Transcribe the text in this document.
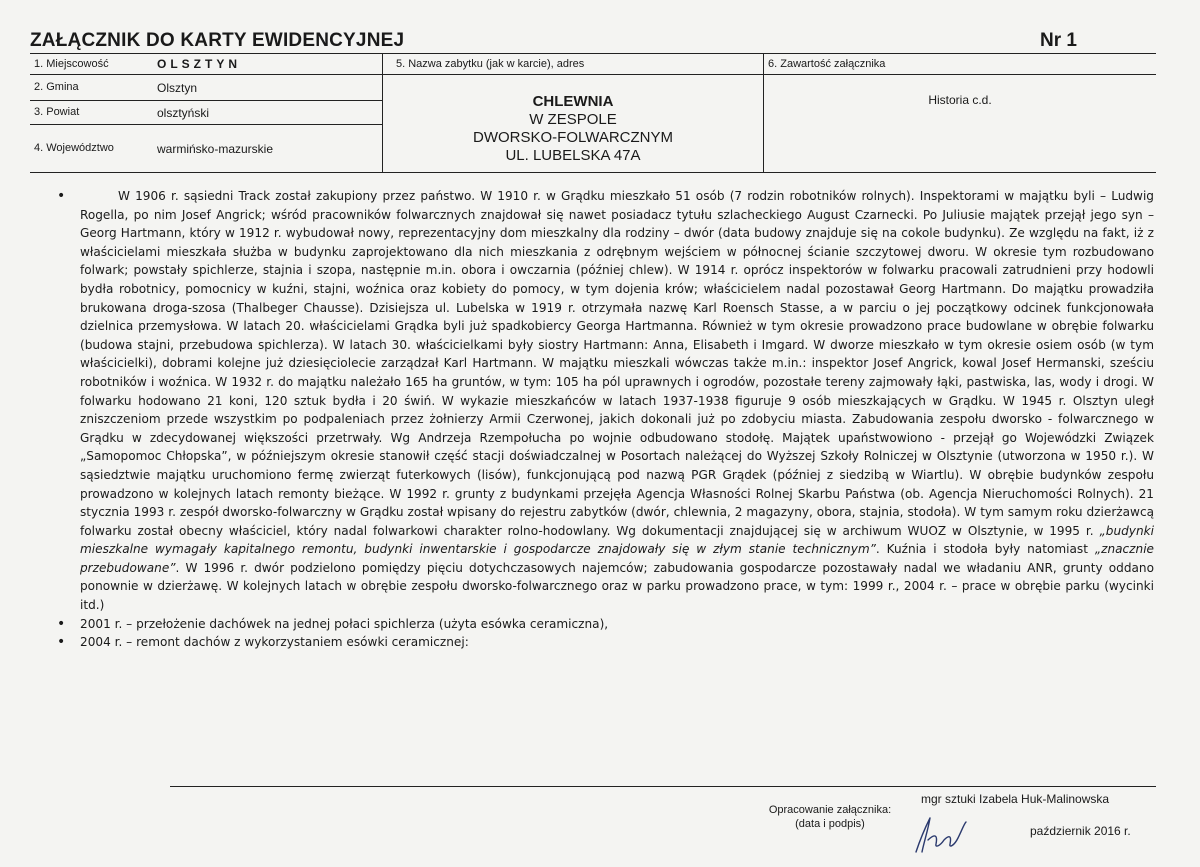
ZAŁĄCZNIK DO KARTY EWIDENCYJNEJ	Nr 1
1. Miejscowość	OLSZTYN
2. Gmina	Olsztyn
3. Powiat	olsztyński
4. Województwo	warmińsko-mazurskie
5. Nazwa zabytku (jak w karcie), adres
CHLEWNIA
W ZESPOLE
DWORSKO-FOLWARCZNYM
UL. LUBELSKA 47A
6. Zawartość załącznika
Historia c.d.

•	W 1906 r. sąsiedni Track został zakupiony przez państwo. W 1910 r. w Grądku mieszkało 51 osób (7 rodzin robotników rolnych). Inspektorami w majątku byli – Ludwig Rogella, po nim Josef Angrick; wśród pracowników folwarcznych znajdował się nawet posiadacz tytułu szlacheckiego August Czarnecki. Po Juliusie majątek przejął jego syn – Georg Hartmann, który w 1912 r. wybudował nowy, reprezentacyjny dom mieszkalny dla rodziny – dwór (data budowy znajduje się na cokole budynku). Ze względu na fakt, iż z właścicielami mieszkała służba w budynku zaprojektowano dla nich mieszkania z odrębnym wejściem w północnej ścianie szczytowej dworu. W okresie tym rozbudowano folwark; powstały spichlerze, stajnia i szopa, następnie m.in. obora i owczarnia (później chlew). W 1914 r. oprócz inspektorów w folwarku pracowali zatrudnieni przy hodowli bydła robotnicy, pomocnicy w kuźni, stajni, woźnica oraz kobiety do pomocy, w tym dojenia krów; właścicielem nadal pozostawał Georg Hartmann. Do majątku prowadziła brukowana droga-szosa (Thalbeger Chausse). Dzisiejsza ul. Lubelska w 1919 r. otrzymała nazwę Karl Roensch Stasse, a w parciu o jej początkowy odcinek funkcjonowała dzielnica przemysłowa. W latach 20. właścicielami Grądka byli już spadkobiercy Georga Hartmanna. Również w tym okresie prowadzono prace budowlane w obrębie folwarku (budowa stajni, przebudowa spichlerza). W latach 30. właścicielkami były siostry Hartmann: Anna, Elisabeth i Imgard. W dworze mieszkało w tym okresie osiem osób (w tym właścicielki), dobrami kolejne już dziesięciolecie zarządzał Karl Hartmann. W majątku mieszkali wówczas także m.in.: inspektor Josef Angrick, kowal Josef Hermanski, sześciu robotników i woźnica. W 1932 r. do majątku należało 165 ha gruntów, w tym: 105 ha pól uprawnych i ogrodów, pozostałe tereny zajmowały łąki, pastwiska, las, wody i drogi. W folwarku hodowano 21 koni, 120 sztuk bydła i 20 świń. W wykazie mieszkańców w latach 1937-1938 figuruje 9 osób mieszkających w Grądku. W 1945 r. Olsztyn uległ zniszczeniom przede wszystkim po podpaleniach przez żołnierzy Armii Czerwonej, jakich dokonali już po zdobyciu miasta. Zabudowania zespołu dworsko - folwarcznego w Grądku w zdecydowanej większości przetrwały. Wg Andrzeja Rzempołucha po wojnie odbudowano stodołę. Majątek upaństwowiono - przejął go Wojewódzki Związek „Samopomoc Chłopska”, w późniejszym okresie stanowił część stacji doświadczalnej w Posortach należącej do Wyższej Szkoły Rolniczej w Olsztynie (utworzona w 1950 r.). W sąsiedztwie majątku uruchomiono fermę zwierząt futerkowych (lisów), funkcjonującą pod nazwą PGR Grądek (później z siedzibą w Wiartlu). W obrębie budynków zespołu prowadzono w kolejnych latach remonty bieżące. W 1992 r. grunty z budynkami przejęła Agencja Własności Rolnej Skarbu Państwa (ob. Agencja Nieruchomości Rolnych). 21 stycznia 1993 r. zespół dworsko-folwarczny w Grądku został wpisany do rejestru zabytków (dwór, chlewnia, 2 magazyny, obora, stajnia, stodoła). W tym samym roku dzierżawcą folwarku został obecny właściciel, który nadal folwarkowi charakter rolno-hodowlany. Wg dokumentacji znajdującej się w archiwum WUOZ w Olsztynie, w 1995 r. „budynki mieszkalne wymagały kapitalnego remontu, budynki inwentarskie i gospodarcze znajdowały się w złym stanie technicznym”. Kuźnia i stodoła były natomiast „znacznie przebudowane”. W 1996 r. dwór podzielono pomiędzy pięciu dotychczasowych najemców; zabudowania gospodarcze pozostawały nadal we władaniu ANR, grunty oddano ponownie w dzierżawę. W kolejnych latach w obrębie zespołu dworsko-folwarcznego oraz w parku prowadzono prace, w tym: 1999 r., 2004 r. – prace w obrębie parku (wycinki itd.)

• 2001 r. – przełożenie dachówek na jednej połaci spichlerza (użyta esówka ceramiczna),

• 2004 r. – remont dachów z wykorzystaniem esówki ceramicznej:

mgr sztuki Izabela Huk-Malinowska
Opracowanie załącznika:
(data i podpis)	październik 2016 r.
